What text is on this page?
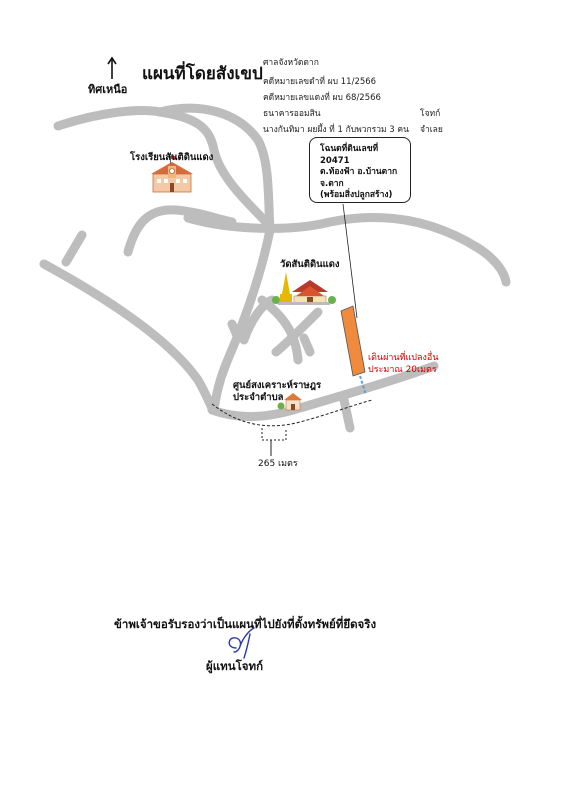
ทิศเหนือ
แผนที่โดยสังเขป
ศาลจังหวัดตาก
คดีหมายเลขดำที่ ผบ 11/2566
คดีหมายเลขแดงที่ ผบ 68/2566
ธนาคารออมสิน	โจทก์
นางกันทิมา ผยผึ้ง ที่ 1 กับพวกรวม 3 คน จำเลย
โรงเรียนสันติดินแดง
วัดสันติดินแดง
ศูนย์สงเคราะห์ราษฎร ประจำตำบล
โฉนดที่ดินเลขที่ 20471
ต.ท้องฟ้า อ.บ้านตาก
จ.ตาก
(พร้อมสิ่งปลูกสร้าง)
เดินผ่านที่แปลงอื่น
ประมาณ 20เมตร
265 เมตร
ข้าพเจ้าขอรับรองว่าเป็นแผนที่ไปยังที่ตั้งทรัพย์ที่ยึดจริง
ผู้แทนโจทก์
